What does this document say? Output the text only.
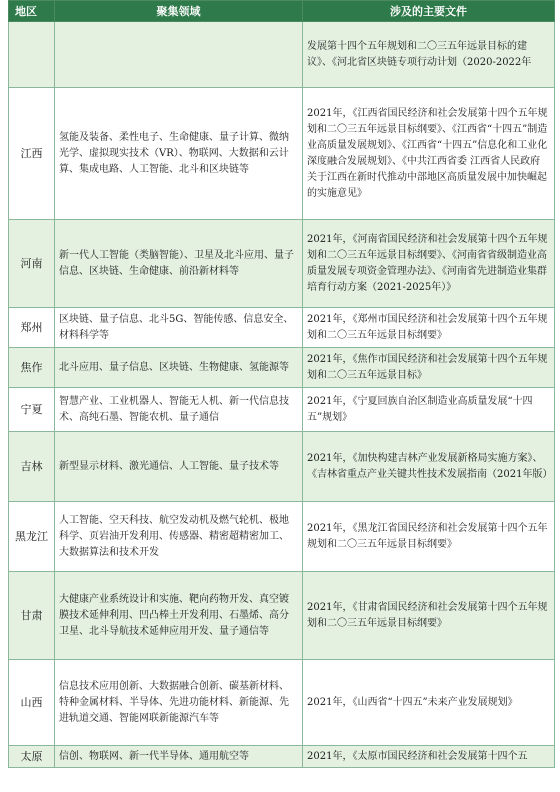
地区	聚集领域	涉及的主要文件
		发展第十四个五年规划和二〇三五年远景目标的建议》、《河北省区块链专项行动计划（2020-2022年
江西	氢能及装备、柔性电子、生命健康、量子计算、微纳光学、虚拟现实技术（VR）、物联网、大数据和云计算、集成电路、人工智能、北斗和区块链等	2021年，《江西省国民经济和社会发展第十四个五年规划和二〇三五年远景目标纲要》、《江西省“十四五”制造业高质量发展规划》、《江西省“十四五”信息化和工业化深度融合发展规划》、《中共江西省委 江西省人民政府关于江西在新时代推动中部地区高质量发展中加快崛起的实施意见》
河南	新一代人工智能（类脑智能）、卫星及北斗应用、量子信息、区块链、生命健康、前沿新材料等	2021年，《河南省国民经济和社会发展第十四个五年规划和二〇三五年远景目标纲要》、《河南省省级制造业高质量发展专项资金管理办法》、《河南省先进制造业集群培育行动方案（2021-2025年）》
郑州	区块链、量子信息、北斗5G、智能传感、信息安全、材料科学等	2021年，《郑州市国民经济和社会发展第十四个五年规划和二〇三五年远景目标纲要》
焦作	北斗应用、量子信息、区块链、生物健康、氢能源等	2021年，《焦作市国民经济和社会发展第十四个五年规划和二〇三五年远景目标》
宁夏	智慧产业、工业机器人、智能无人机、新一代信息技术、高纯石墨、智能农机、量子通信	2021年，《宁夏回族自治区制造业高质量发展“十四五”规划》
吉林	新型显示材料、激光通信、人工智能、量子技术等	2021年，《加快构建吉林产业发展新格局实施方案》、《吉林省重点产业关键共性技术发展指南（2021年版）

黑龙江	人工智能、空天科技、航空发动机及燃气轮机、极地科学、页岩油开发利用、传感器、精密超精密加工、大数据算法和技术开发	2021年，《黑龙江省国民经济和社会发展第十四个五年规划和二〇三五年远景目标纲要》
甘肃	大健康产业系统设计和实施、靶向药物开发、真空镀膜技术延伸利用、凹凸棒土开发利用、石墨烯、高分卫星、北斗导航技术延伸应用开发、量子通信等	2021年，《甘肃省国民经济和社会发展第十四个五年规划和二〇三五年远景目标纲要》
山西	信息技术应用创新、大数据融合创新、碳基新材料、特种金属材料、半导体、先进功能材料、新能源、先进轨道交通、智能网联新能源汽车等	2021年，《山西省“十四五”未来产业发展规划》
太原	信创、物联网、新一代半导体、通用航空等	2021年，《太原市国民经济和社会发展第十四个五
